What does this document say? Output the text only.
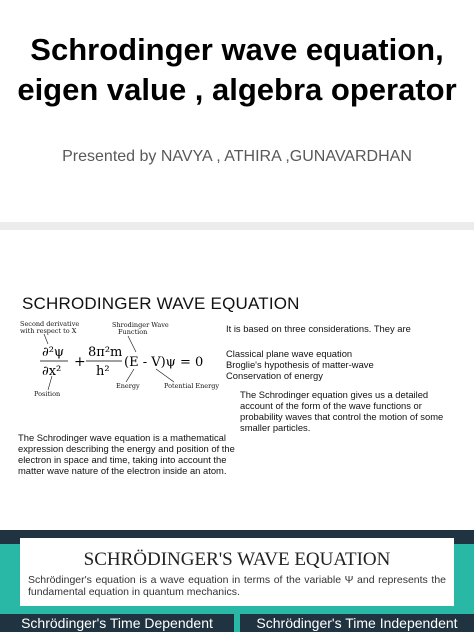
Schrodinger wave equation, eigen value , algebra operator
Presented by NAVYA , ATHIRA ,GUNAVARDHAN
SCHRODINGER WAVE EQUATION
Second derivative with respect to X
Shrodinger Wave Function
∂²ψ
∂x²
+
8π²m
h²
(E - V)ψ = 0
Position
Energy	Potential Energy
It is based on three considerations. They are
Classical plane wave equation
Broglie's hypothesis of matter-wave
Conservation of energy
The Schrodinger equation gives us a detailed account of the form of the wave functions or probability waves that control the motion of some smaller particles.
The Schrodinger wave equation is a mathematical expression describing the energy and position of the electron in space and time, taking into account the matter wave nature of the electron inside an atom.
SCHRÖDINGER'S WAVE EQUATION
Schrödinger's equation is a wave equation in terms of the variable Ψ and represents the fundamental equation in quantum mechanics.
Schrödinger's Time Dependent	Schrödinger's Time Independent
